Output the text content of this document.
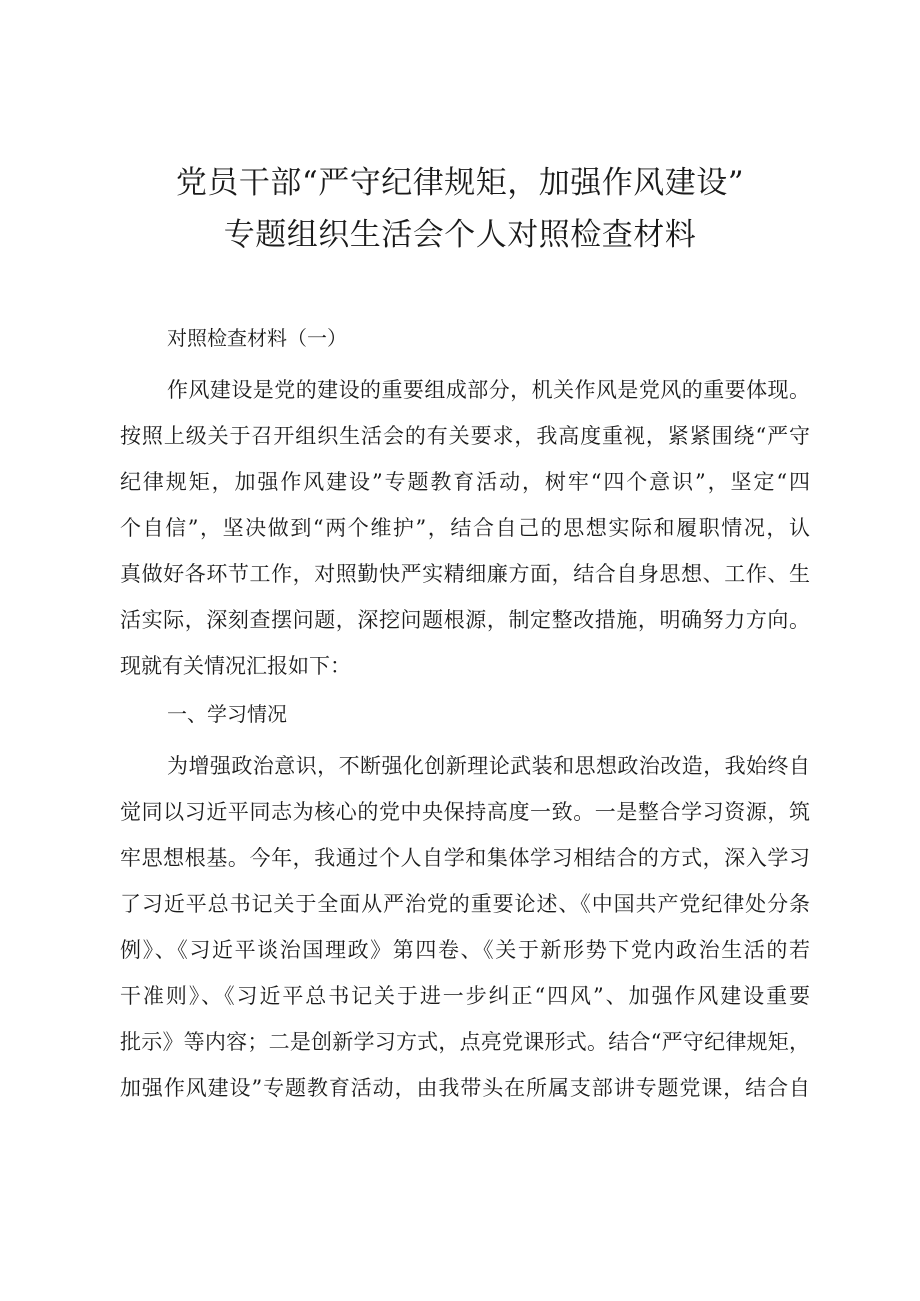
党员干部“严守纪律规矩，加强作风建设”
专题组织生活会个人对照检查材料
对照检查材料（一）
作风建设是党的建设的重要组成部分，机关作风是党风的重要体现。
按照上级关于召开组织生活会的有关要求，我高度重视，紧紧围绕“严守
纪律规矩，加强作风建设”专题教育活动，树牢“四个意识”，坚定“四
个自信”，坚决做到“两个维护”，结合自己的思想实际和履职情况，认
真做好各环节工作，对照勤快严实精细廉方面，结合自身思想、工作、生
活实际，深刻查摆问题，深挖问题根源，制定整改措施，明确努力方向。
现就有关情况汇报如下：
一、学习情况
为增强政治意识，不断强化创新理论武装和思想政治改造，我始终自
觉同以习近平同志为核心的党中央保持高度一致。一是整合学习资源，筑
牢思想根基。今年，我通过个人自学和集体学习相结合的方式，深入学习
了习近平总书记关于全面从严治党的重要论述、《中国共产党纪律处分条
例》、《习近平谈治国理政》第四卷、《关于新形势下党内政治生活的若
干准则》、《习近平总书记关于进一步纠正“四风”、加强作风建设重要
批示》等内容；二是创新学习方式，点亮党课形式。结合“严守纪律规矩，
加强作风建设”专题教育活动，由我带头在所属支部讲专题党课，结合自
